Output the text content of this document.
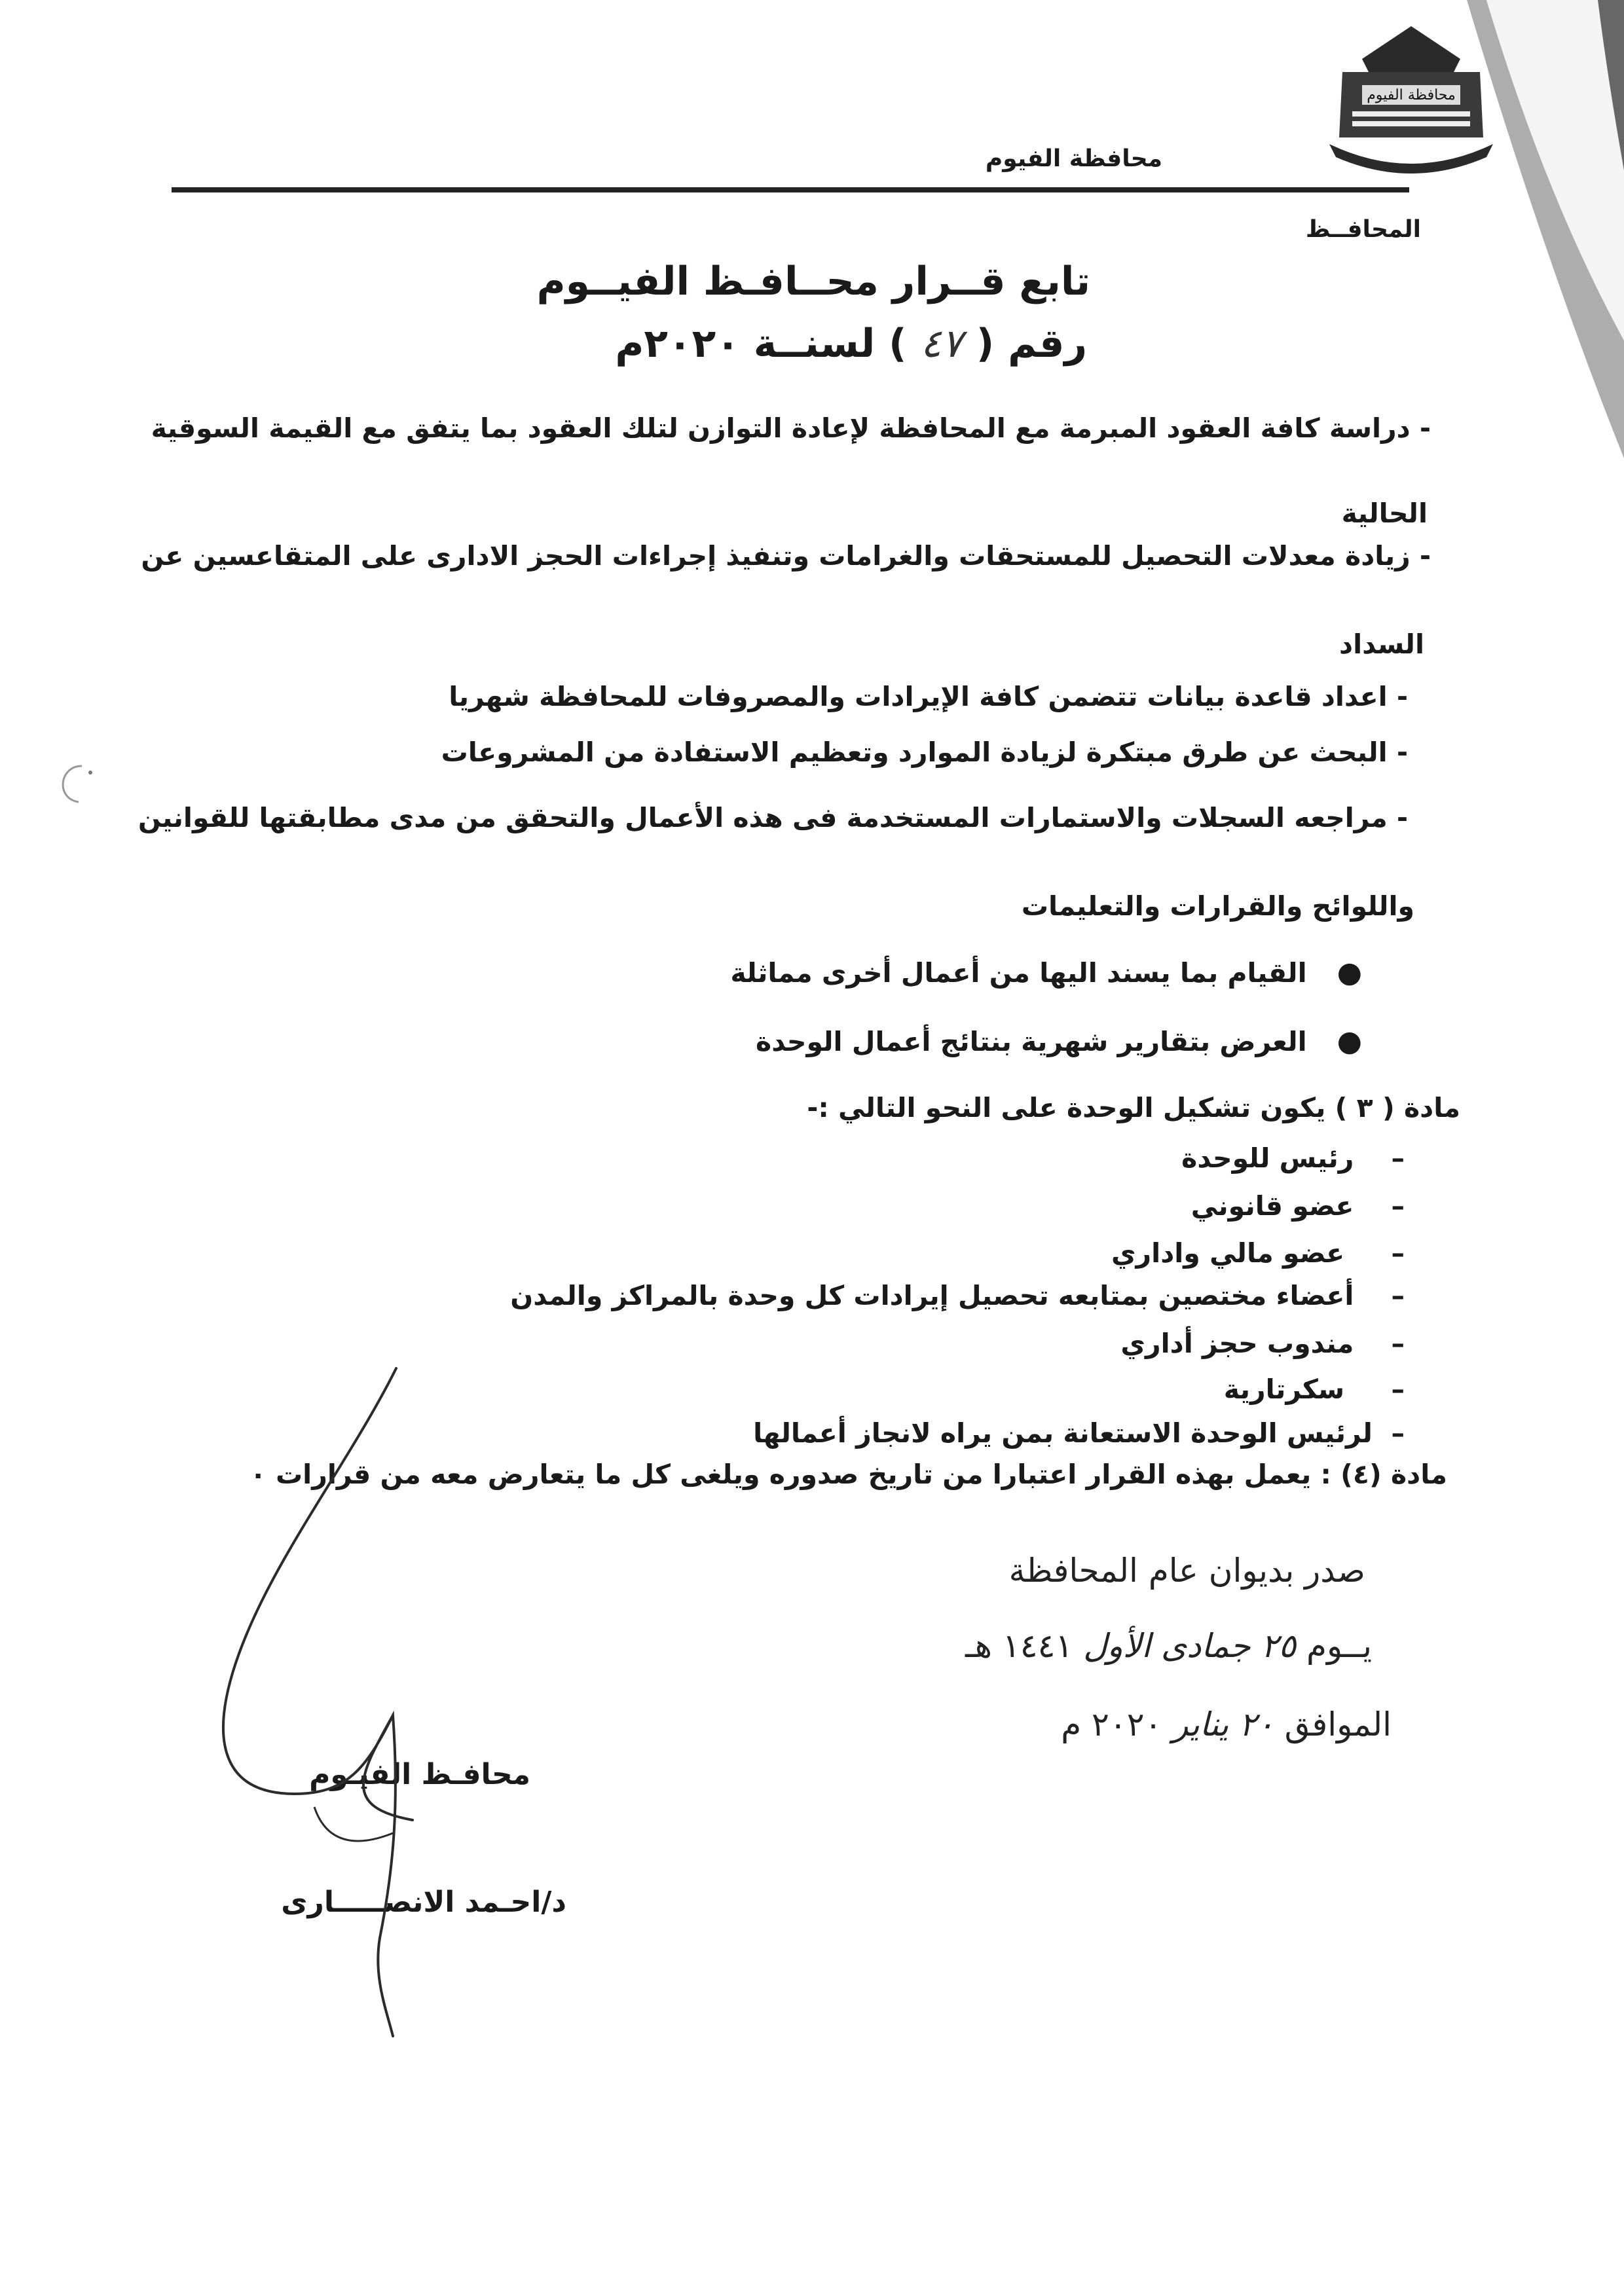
محافظة الفيوم
محافظة الفيوم
المحافــظ
تابع قــرار محــافـظ الفيــوم
رقم ( ٤٧ ) لسنــة ٢٠٢٠م
- دراسة كافة العقود المبرمة مع المحافظة لإعادة التوازن لتلك العقود بما يتفق مع القيمة السوقية
الحالية
- زيادة معدلات التحصيل للمستحقات والغرامات وتنفيذ إجراءات الحجز الادارى على المتقاعسين عن
السداد
- اعداد قاعدة بيانات تتضمن كافة الإيرادات والمصروفات للمحافظة شهريا
- البحث عن طرق مبتكرة لزيادة الموارد وتعظيم الاستفادة من المشروعات
- مراجعه السجلات والاستمارات المستخدمة فى هذه الأعمال والتحقق من مدى مطابقتها للقوانين
واللوائح والقرارات والتعليمات
●   القيام بما يسند اليها من أعمال أخرى مماثلة
●   العرض بتقارير شهرية بنتائج أعمال الوحدة
مادة ( ٣ ) يكون تشكيل الوحدة على النحو التالي :-
–    رئيس للوحدة
–    عضو قانوني
–     عضو مالي واداري
–    أعضاء مختصين بمتابعه تحصيل إيرادات كل وحدة بالمراكز والمدن
–    مندوب حجز أداري
–     سكرتارية
–  لرئيس الوحدة الاستعانة بمن يراه لانجاز أعمالها
مادة (٤) : يعمل بهذه القرار اعتبارا من تاريخ صدوره ويلغى كل ما يتعارض معه من قرارات ٠
صدر بديوان عام المحافظة
يــوم ٢٥ جمادى الأول ١٤٤١ هـ
الموافق ٢٠ يناير ٢٠٢٠ م
محافـظ الفيـوم
د/احـمد الانصـــــارى
